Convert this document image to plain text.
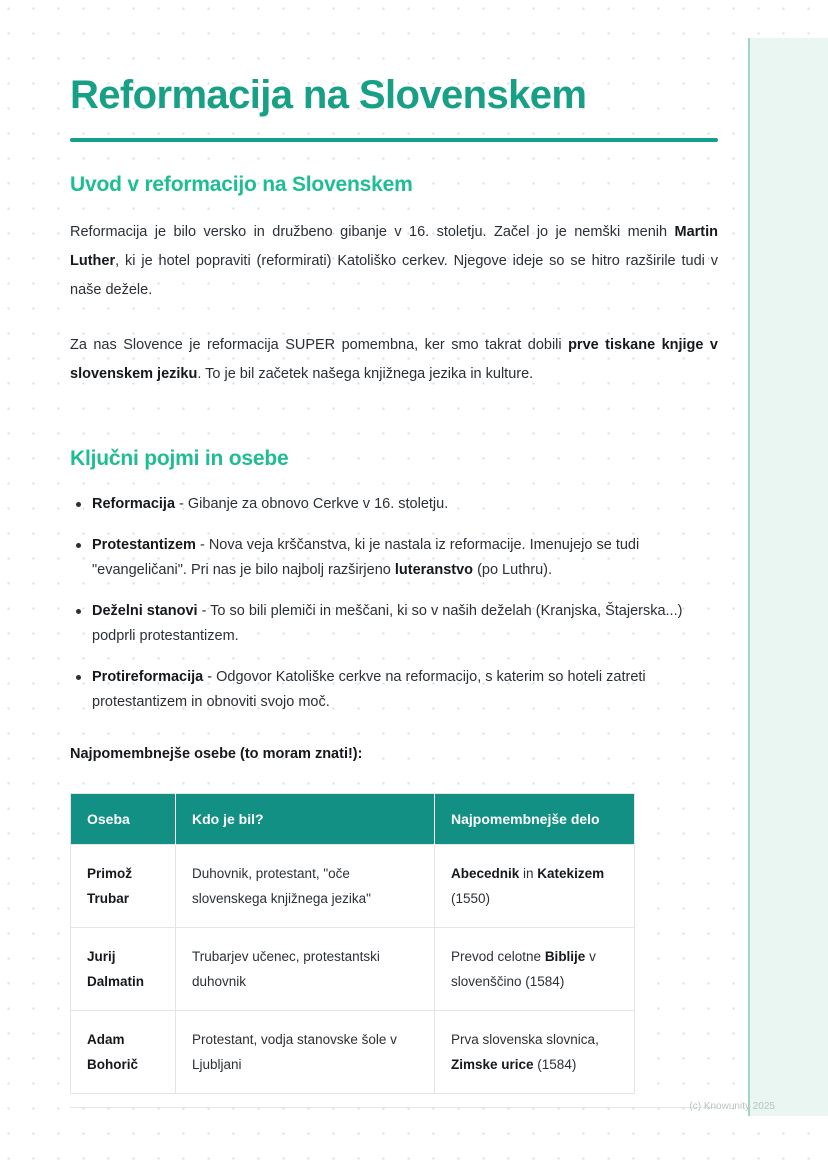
Reformacija na Slovenskem
Uvod v reformacijo na Slovenskem

Reformacija je bilo versko in družbeno gibanje v 16. stoletju. Začel jo je nemški menih Martin Luther, ki je hotel popraviti (reformirati) Katoliško cerkev. Njegove ideje so se hitro razširile tudi v naše dežele.

Za nas Slovence je reformacija SUPER pomembna, ker smo takrat dobili prve tiskane knjige v slovenskem jeziku. To je bil začetek našega knjižnega jezika in kulture.

Ključni pojmi in osebe
Reformacija - Gibanje za obnovo Cerkve v 16. stoletju.
Protestantizem - Nova veja krščanstva, ki je nastala iz reformacije. Imenujejo se tudi "evangeličani". Pri nas je bilo najbolj razširjeno luteranstvo (po Luthru).
Deželni stanovi - To so bili plemiči in meščani, ki so v naših deželah (Kranjska, Štajerska...) podprli protestantizem.
Protireformacija - Odgovor Katoliške cerkve na reformacijo, s katerim so hoteli zatreti protestantizem in obnoviti svojo moč.

Najpomembnejše osebe (to moram znati!):

Oseba	Kdo je bil?	Najpomembnejše delo
Primož Trubar	Duhovnik, protestant, "oče slovenskega knjižnega jezika"	Abecednik in Katekizem (1550)
Jurij Dalmatin	Trubarjev učenec, protestantski duhovnik	Prevod celotne Biblije v slovenščino (1584)
Adam Bohorič	Protestant, vodja stanovske šole v Ljubljani	Prva slovenska slovnica, Zimske urice (1584)
(c) Knowunity 2025
